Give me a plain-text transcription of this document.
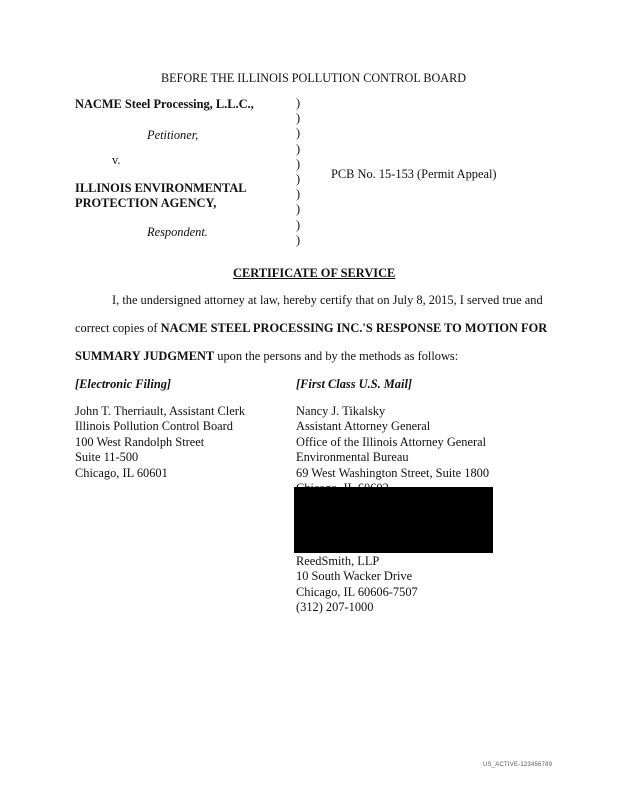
BEFORE THE ILLINOIS POLLUTION CONTROL BOARD
NACME Steel Processing, L.L.C.,
Petitioner,
v.
ILLINOIS ENVIRONMENTAL
PROTECTION AGENCY,
Respondent.
)
)
)
)
)
)
)
)
)
)
PCB No. 15-153 (Permit Appeal)
CERTIFICATE OF SERVICE
I, the undersigned attorney at law, hereby certify that on July 8, 2015, I served true and
correct copies of NACME STEEL PROCESSING INC.'S RESPONSE TO MOTION FOR
SUMMARY JUDGMENT upon the persons and by the methods as follows:
[Electronic Filing]	[First Class U.S. Mail]
John T. Therriault, Assistant Clerk
Illinois Pollution Control Board
100 West Randolph Street
Suite 11-500
Chicago, IL 60601
Nancy J. Tikalsky
Assistant Attorney General
Office of the Illinois Attorney General
Environmental Bureau
69 West Washington Street, Suite 1800
ReedSmith, LLP
10 South Wacker Drive
Chicago, IL 60606-7507
(312) 207-1000
US_ACTIVE-123456789
